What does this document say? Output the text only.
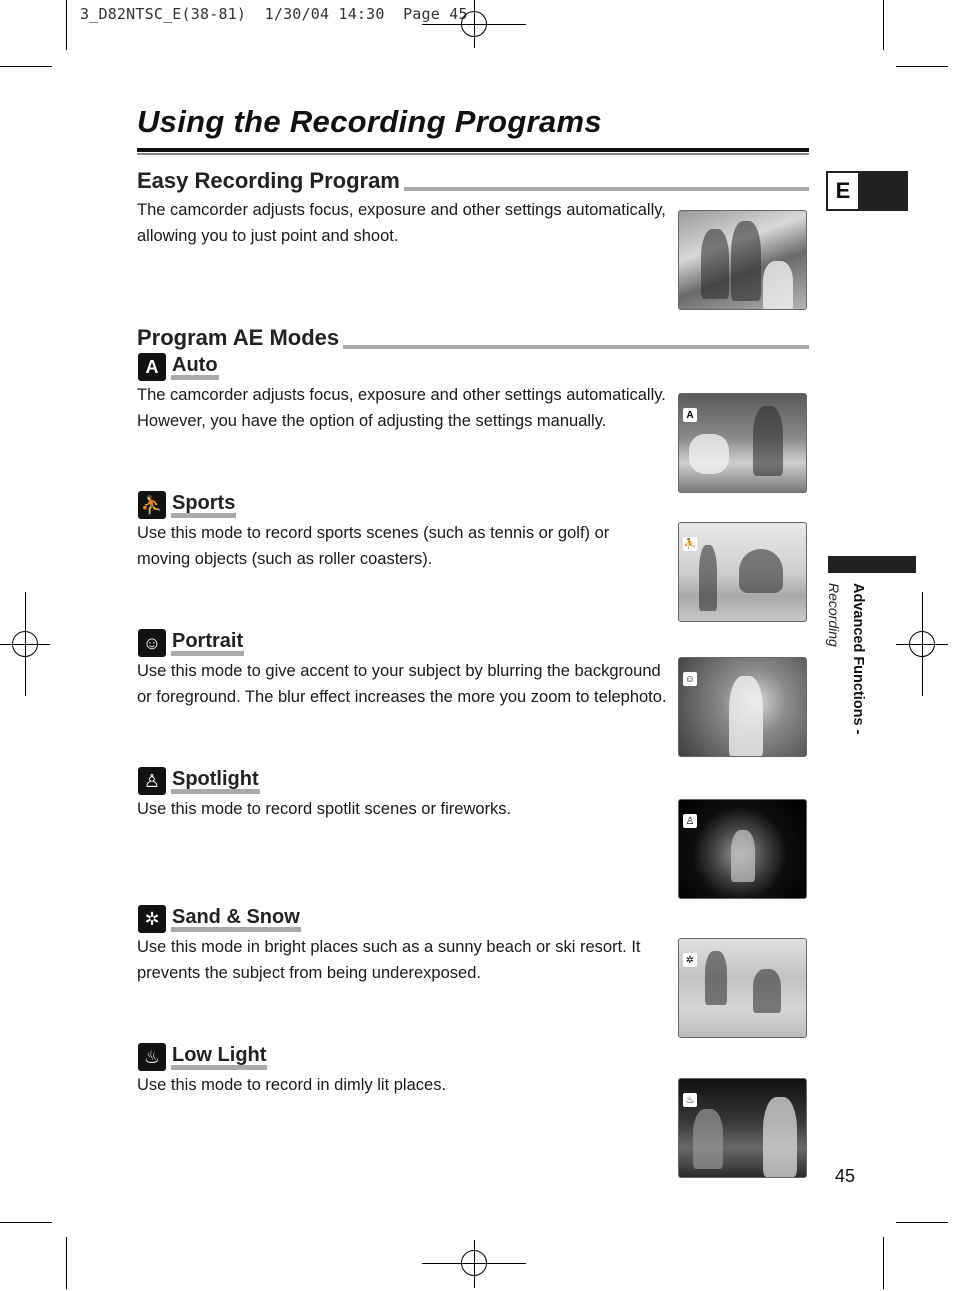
3_D82NTSC_E(38-81)  1/30/04 14:30  Page 45
Using the Recording Programs
E
Easy Recording Program
The camcorder adjusts focus, exposure and other settings automatically, allowing you to just point and shoot.
Program AE Modes
A Auto
The camcorder adjusts focus, exposure and other settings automatically. However, you have the option of adjusting the settings manually.	A
⛹ Sports
Use this mode to record sports scenes (such as tennis or golf) or moving objects (such as roller coasters).
⛹
☺ Portrait
Use this mode to give accent to your subject by blurring the background or foreground. The blur effect increases the more you zoom to telephoto.
☺
♙ Spotlight
Use this mode to record spotlit scenes or fireworks.
♙
✲ Sand & Snow
Use this mode in bright places such as a sunny beach or ski resort. It prevents the subject from being underexposed.
✲
♨ Low Light
Use this mode to record in dimly lit places.
♨
Advanced Functions -
Recording
45
